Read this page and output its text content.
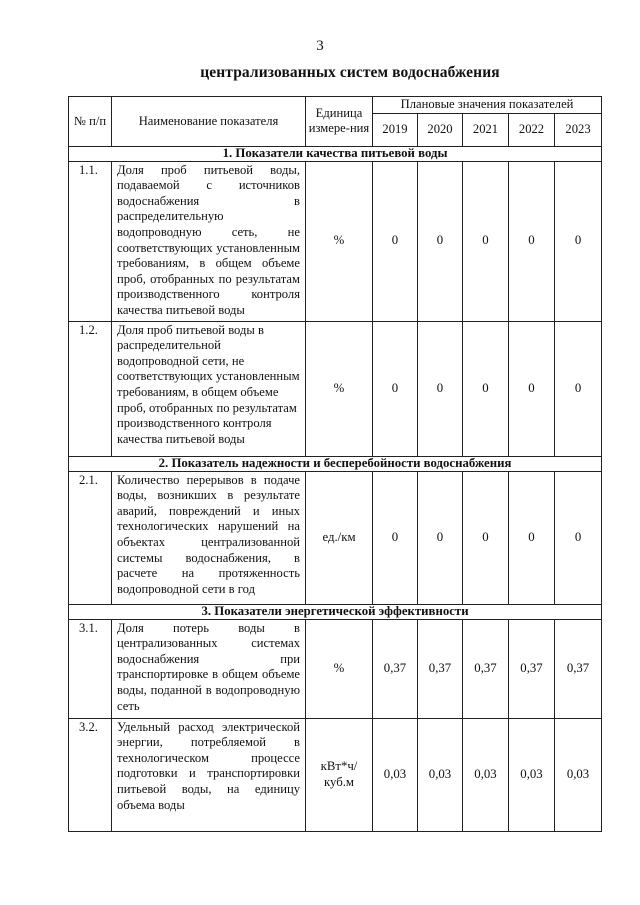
3
централизованных систем водоснабжения
№ п/п	Наименование показателя	Единица измере-ния	Плановые значения показателей				
			2019	2020	2021	2022	2023
1. Показатели качества питьевой воды							
1.1.	Доля проб питьевой воды, подаваемой с источников водоснабжения в распределительную водопроводную сеть, не соответствующих установленным требованиям, в общем объеме проб, отобранных по результатам производственного контроля качества питьевой воды	%	0	0	0	0	0
1.2.	Доля проб питьевой воды в распределительной водопроводной сети, не соответствующих установленным требованиям, в общем объеме проб, отобранных по результатам производственного контроля качества питьевой воды	%	0	0	0	0	0
2. Показатель надежности и бесперебойности водоснабжения							
2.1.	Количество перерывов в подаче воды, возникших в результате аварий, повреждений и иных технологических нарушений на объектах централизованной системы водоснабжения, в расчете на протяженность водопроводной сети в год	ед./км	0	0	0	0	0
3. Показатели энергетической эффективности							
3.1.	Доля потерь воды в централизованных системах водоснабжения при транспортировке в общем объеме воды, поданной в водопроводную сеть	%	0,37	0,37	0,37	0,37	0,37
3.2.	Удельный расход электрической энергии, потребляемой в технологическом процессе подготовки и транспортировки питьевой воды, на единицу объема воды	кВт*ч/куб.м	0,03	0,03	0,03	0,03	0,03
